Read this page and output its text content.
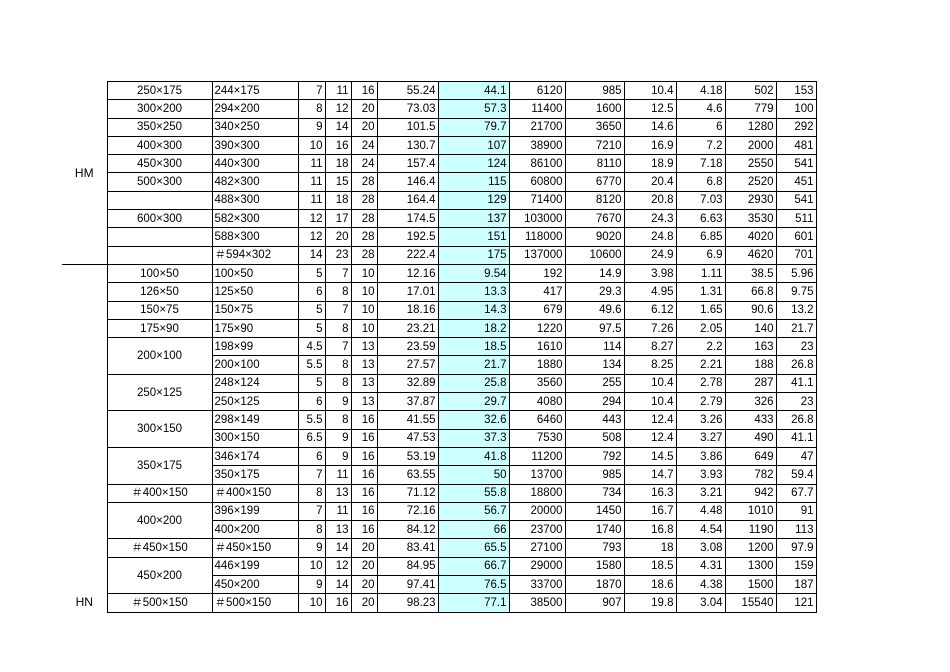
HM	250×175	244×175	7	11	16	55.24	44.1	6120	985	10.4	4.18	502	153
	300×200	294×200	8	12	20	73.03	57.3	11400	1600	12.5	4.6	779	100
	350×250	340×250	9	14	20	101.5	79.7	21700	3650	14.6	6	1280	292
	400×300	390×300	10	16	24	130.7	107	38900	7210	16.9	7.2	2000	481
	450×300	440×300	11	18	24	157.4	124	86100	8110	18.9	7.18	2550	541
	500×300	482×300	11	15	28	146.4	115	60800	6770	20.4	6.8	2520	451
		488×300	11	18	28	164.4	129	71400	8120	20.8	7.03	2930	541
	600×300	582×300	12	17	28	174.5	137	103000	7670	24.3	6.63	3530	511
		588×300	12	20	28	192.5	151	118000	9020	24.8	6.85	4020	601
		＃594×302	14	23	28	222.4	175	137000	10600	24.9	6.9	4620	701
HN	100×50	100×50	5	7	10	12.16	9.54	192	14.9	3.98	1.11	38.5	5.96
	126×50	125×50	6	8	10	17.01	13.3	417	29.3	4.95	1.31	66.8	9.75
	150×75	150×75	5	7	10	18.16	14.3	679	49.6	6.12	1.65	90.6	13.2
	175×90	175×90	5	8	10	23.21	18.2	1220	97.5	7.26	2.05	140	21.7
	200×100	198×99	4.5	7	13	23.59	18.5	1610	114	8.27	2.2	163	23
		200×100	5.5	8	13	27.57	21.7	1880	134	8.25	2.21	188	26.8
	250×125	248×124	5	8	13	32.89	25.8	3560	255	10.4	2.78	287	41.1
		250×125	6	9	13	37.87	29.7	4080	294	10.4	2.79	326	23
	300×150	298×149	5.5	8	16	41.55	32.6	6460	443	12.4	3.26	433	26.8
		300×150	6.5	9	16	47.53	37.3	7530	508	12.4	3.27	490	41.1
	350×175	346×174	6	9	16	53.19	41.8	11200	792	14.5	3.86	649	47
		350×175	7	11	16	63.55	50	13700	985	14.7	3.93	782	59.4
	＃400×150	＃400×150	8	13	16	71.12	55.8	18800	734	16.3	3.21	942	67.7
	400×200	396×199	7	11	16	72.16	56.7	20000	1450	16.7	4.48	1010	91
		400×200	8	13	16	84.12	66	23700	1740	16.8	4.54	1190	113
	＃450×150	＃450×150	9	14	20	83.41	65.5	27100	793	18	3.08	1200	97.9
	450×200	446×199	10	12	20	84.95	66.7	29000	1580	18.5	4.31	1300	159
		450×200	9	14	20	97.41	76.5	33700	1870	18.6	4.38	1500	187
	＃500×150	＃500×150	10	16	20	98.23	77.1	38500	907	19.8	3.04	15540	121
